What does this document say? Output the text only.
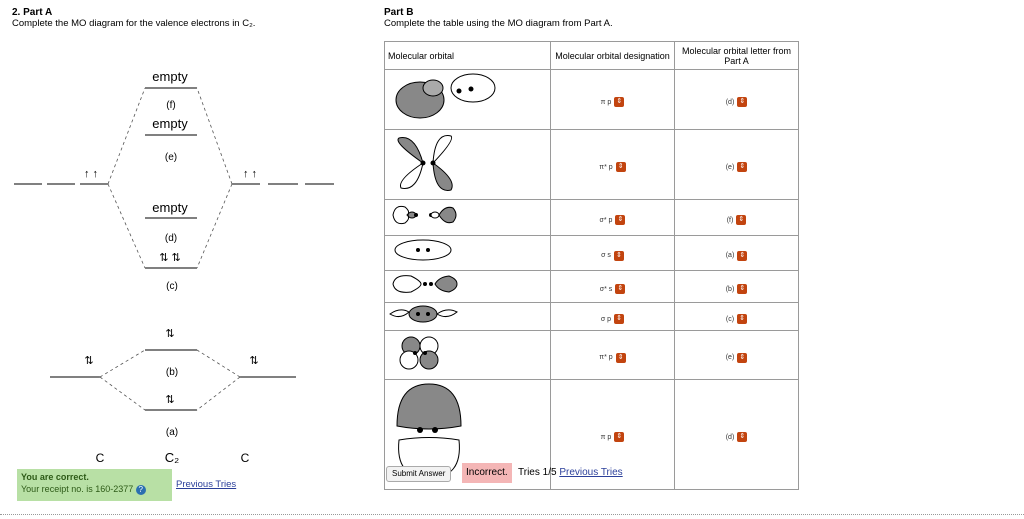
2. Part A
Complete the MO diagram for the valence electrons in C₂.
empty
(f)
empty
(e)
empty
(d)
(c)
(b)
(a)
↑ ↑	↑ ↑
⇅ ⇅
⇅
⇅
⇅	⇅
C	C₂	C
You are correct.
Your receipt no. is 160-2377 ?	Previous Tries
Part B
Complete the table using the MO diagram from Part A.
Molecular orbital	Molecular orbital designation	Molecular orbital letter from Part A

π p ⇕	(d) ⇕

π* p ⇕	(e) ⇕

σ* p ⇕	(f) ⇕

σ s ⇕	(a) ⇕

σ* s ⇕	(b) ⇕

σ p ⇕	(c) ⇕

π* p ⇕	(e) ⇕

π p ⇕	(d) ⇕
Submit Answer	Incorrect.	Tries 1/5 Previous Tries
